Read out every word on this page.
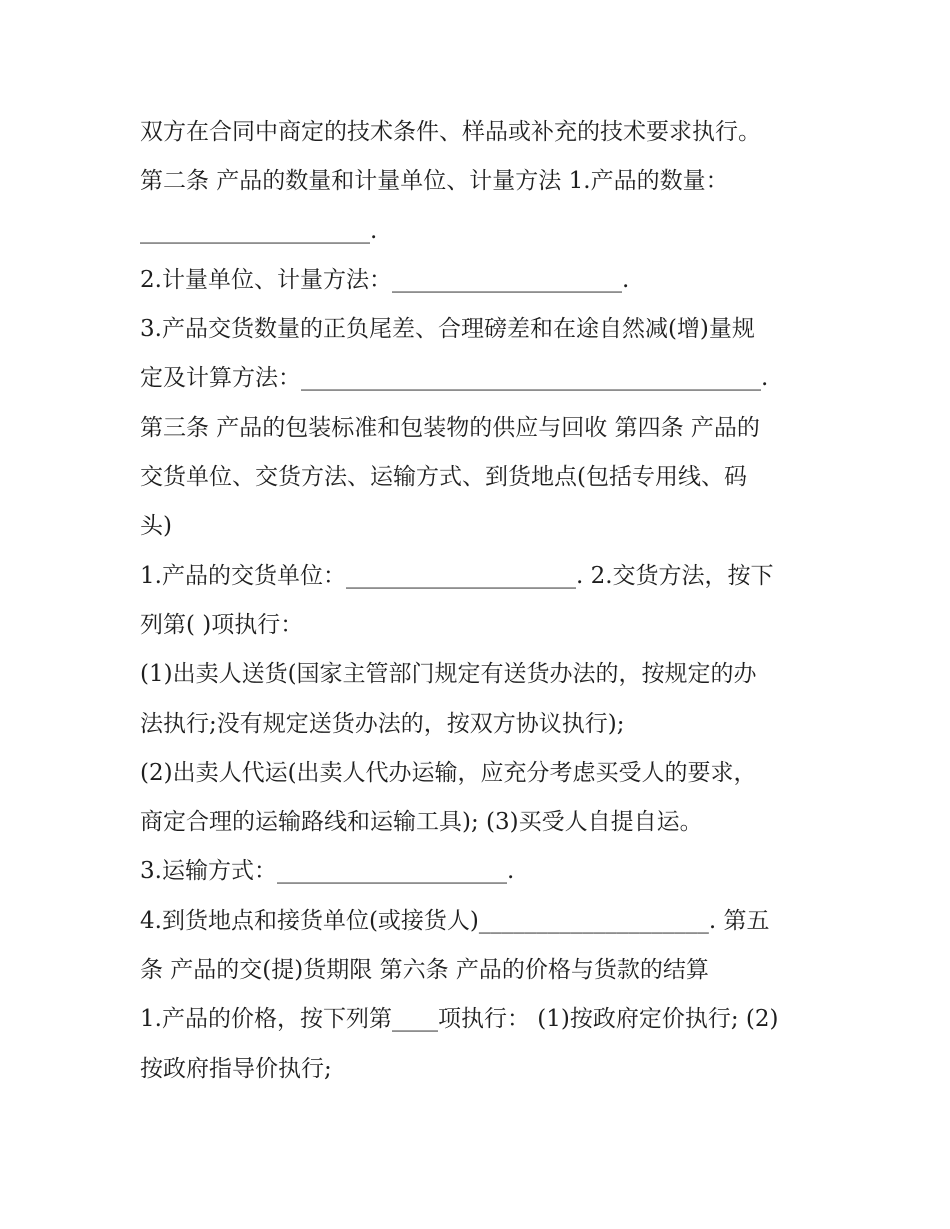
双方在合同中商定的技术条件、样品或补充的技术要求执行。
第二条 产品的数量和计量单位、计量方法 1.产品的数量：
____________________.
2.计量单位、计量方法：____________________.
3.产品交货数量的正负尾差、合理磅差和在途自然减(增)量规
定及计算方法：________________________________________.
第三条 产品的包装标准和包装物的供应与回收 第四条 产品的
交货单位、交货方法、运输方式、到货地点(包括专用线、码
头)
1.产品的交货单位：____________________. 2.交货方法，按下
列第( )项执行：
(1)出卖人送货(国家主管部门规定有送货办法的，按规定的办
法执行;没有规定送货办法的，按双方协议执行);
(2)出卖人代运(出卖人代办运输，应充分考虑买受人的要求，
商定合理的运输路线和运输工具); (3)买受人自提自运。
3.运输方式：____________________.
4.到货地点和接货单位(或接货人)____________________. 第五
条 产品的交(提)货期限 第六条 产品的价格与货款的结算
1.产品的价格，按下列第____项执行： (1)按政府定价执行; (2)
按政府指导价执行;
